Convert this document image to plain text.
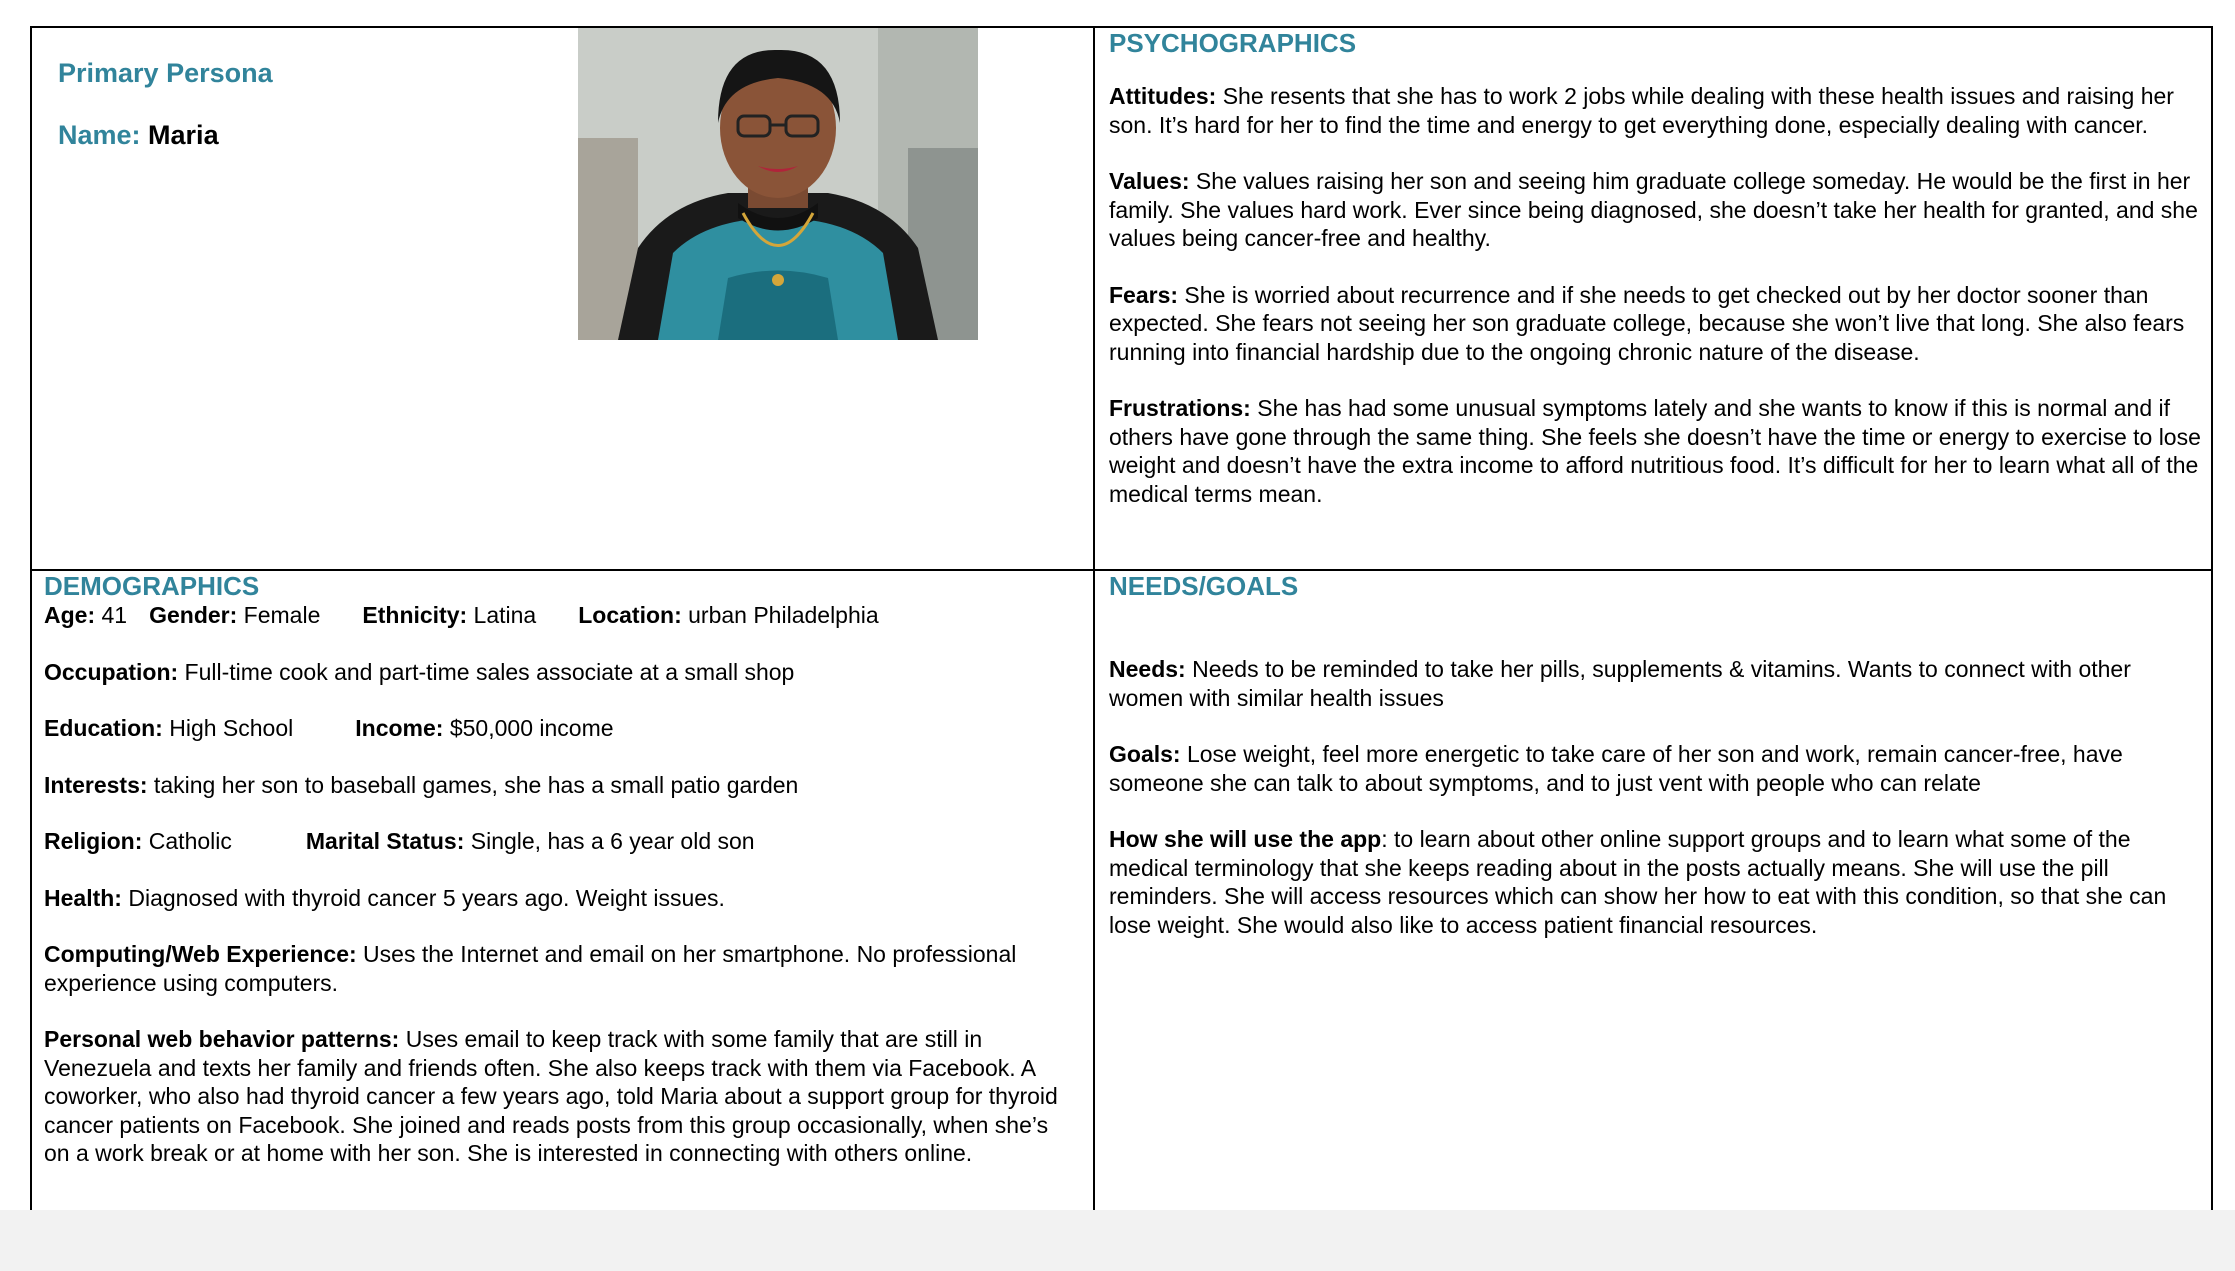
Primary Persona
Name: Maria

PSYCHOGRAPHICS

Attitudes: She resents that she has to work 2 jobs while dealing with these health issues and raising her son. It’s hard for her to find the time and energy to get everything done, especially dealing with cancer.

Values: She values raising her son and seeing him graduate college someday. He would be the first in her family. She values hard work. Ever since being diagnosed, she doesn’t take her health for granted, and she values being cancer-free and healthy.

Fears: She is worried about recurrence and if she needs to get checked out by her doctor sooner than expected. She fears not seeing her son graduate college, because she won’t live that long. She also fears running into financial hardship due to the ongoing chronic nature of the disease.

Frustrations: She has had some unusual symptoms lately and she wants to know if this is normal and if others have gone through the same thing. She feels she doesn’t have the time or energy to exercise to lose weight and doesn’t have the extra income to afford nutritious food. It’s difficult for her to learn what all of the medical terms mean.

DEMOGRAPHICS

Age: 41 Gender: Female Ethnicity: Latina Location: urban Philadelphia

Occupation: Full-time cook and part-time sales associate at a small shop

Education: High School	Income: $50,000 income

Interests: taking her son to baseball games, she has a small patio garden

Religion: Catholic	Marital Status: Single, has a 6 year old son

Health: Diagnosed with thyroid cancer 5 years ago. Weight issues.

Computing/Web Experience: Uses the Internet and email on her smartphone. No professional experience using computers.

Personal web behavior patterns: Uses email to keep track with some family that are still in Venezuela and texts her family and friends often. She also keeps track with them via Facebook. A coworker, who also had thyroid cancer a few years ago, told Maria about a support group for thyroid cancer patients on Facebook. She joined and reads posts from this group occasionally, when she’s on a work break or at home with her son. She is interested in connecting with others online.

NEEDS/GOALS

Needs: Needs to be reminded to take her pills, supplements & vitamins. Wants to connect with other women with similar health issues

Goals: Lose weight, feel more energetic to take care of her son and work, remain cancer-free, have someone she can talk to about symptoms, and to just vent with people who can relate

How she will use the app: to learn about other online support groups and to learn what some of the medical terminology that she keeps reading about in the posts actually means. She will use the pill reminders. She will access resources which can show her how to eat with this condition, so that she can lose weight. She would also like to access patient financial resources.
